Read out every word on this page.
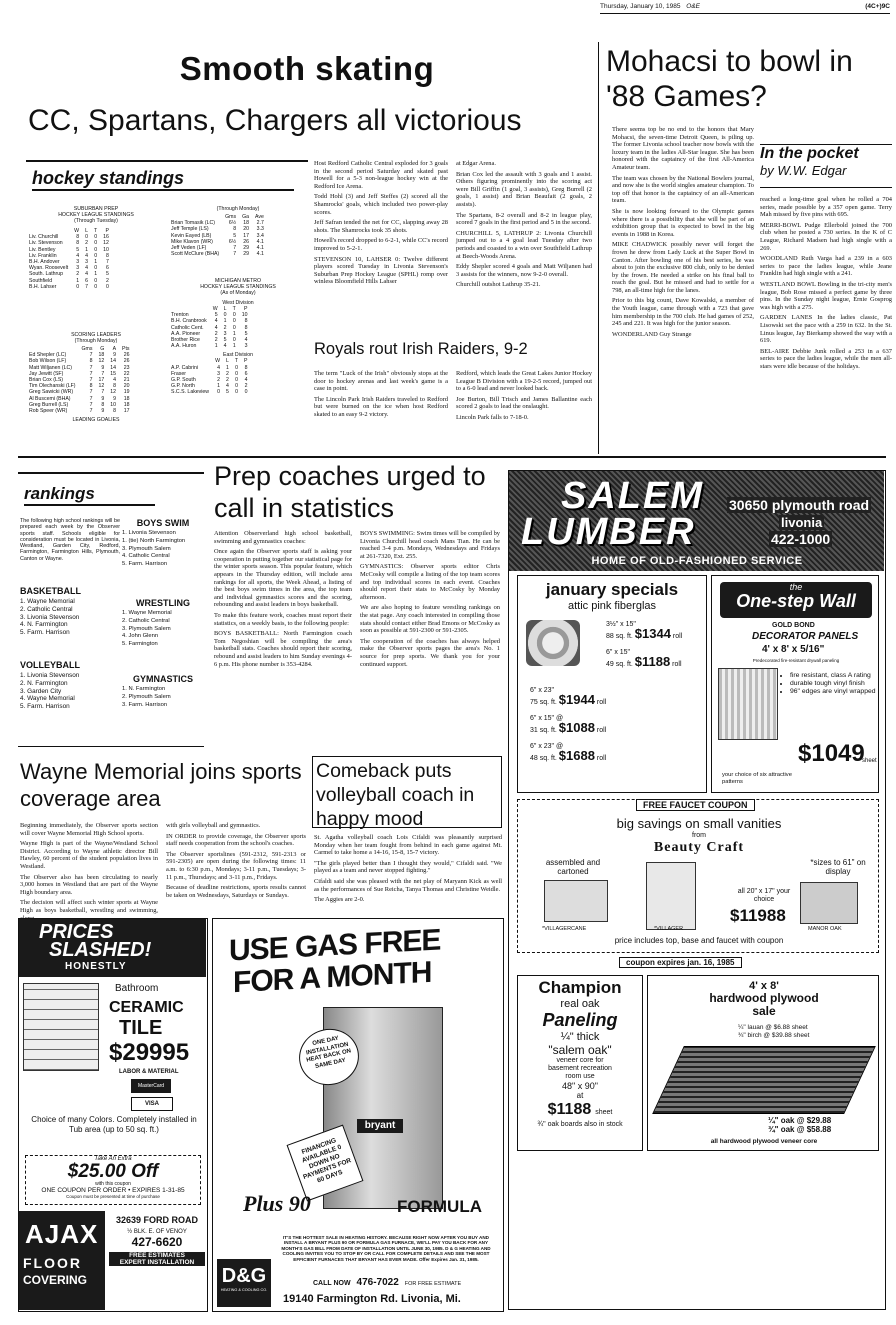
Thursday, January 10, 1985 O&E	(4C+)9C
Smooth skating
CC, Spartans, Chargers all victorious
hockey standings
SUBURBAN PREP
HOCKEY LEAGUE STANDINGS
(Through Tuesday)
	W	L	T	P
Liv. Churchill	8	0	0	16
Liv. Stevenson	8	2	0	12
Liv. Bentley	5	1	0	10
Liv. Franklin	4	4	0	8
B.H. Andover	3	3	1	7
Wyan. Roosevelt	3	4	0	6
South. Lathrup	2	4	1	5
Southfield	1	6	0	2
B.H. Lahser	0	7	0	0
SCORING LEADERS
(Through Monday)
	Gms	G	A	Pts
Ed Shepler (LC)	7	18	9	26
Bob Wilson (LF)	8	12	14	26
Matt Wiljanen (LC)	7	9	14	23
Jay Jewitt (SF)	7	7	15	22
Brian Cox (LS)	7	17	4	21
Tim Olechanski (LF)	8	12	8	20
Greg Sawicki (WR)	7	7	12	19
Al Buscemi (BHA)	7	9	9	18
Greg Burrell (LS)	7	8	10	18
Rob Speer (WR)	7	9	8	17
LEADING GOALIES
(Through Monday)
	Gms	Ga	Ave
Brian Tomasik (LC)	6½	18	2.7
Jeff Temple (LS)	8	20	3.3
Kevin Eayed (LB)	5	17	3.4
Mike Klavon (WR)	6½	26	4.1
Jeff Veden (LF)	7	29	4.1
Scott McClure (BHA)	7	29	4.1
MICHIGAN METRO
HOCKEY LEAGUE STANDINGS
(As of Monday)
West Division
	W	L	T	P
Trenton	5	0	0	10
B.H. Cranbrook	4	1	0	8
Catholic Cent.	4	2	0	8
A.A. Pioneer	2	3	1	5
Brother Rice	2	5	0	4
A.A. Huron	1	4	1	3
East Division
	W	L	T	P
A.P. Cabrini	4	1	0	8
Fraser	3	2	0	6
G.P. South	2	2	0	4
G.P. North	1	4	0	2
S.C.S. Lakeview	0	5	0	0

Host Redford Catholic Central exploded for 3 goals in the second period Saturday and skated past Howell for a 5-3 non-league hockey win at the Redford Ice Arena.

Todd Hohl (3) and Jeff Steffes (2) scored all the Shamrocks' goals, which included two power-play scores.

Jeff Safran tended the net for CC, slapping away 28 shots. The Shamrocks took 35 shots.

Howell's record dropped to 6-2-1, while CC's record improved to 5-2-1.

STEVENSON 10, LAHSER 0: Twelve different players scored Tuesday in Livonia Stevenson's Suburban Prep Hockey League (SPHL) romp over winless Bloomfield Hills Lahser

at Edgar Arena.

Brian Cox led the assault with 3 goals and 1 assist. Others figuring prominently into the scoring act were Bill Griffin (1 goal, 3 assists), Greg Burrell (2 goals, 1 assist) and Brian Beaufait (2 goals, 2 assists).

The Spartans, 8-2 overall and 8-2 in league play, scored 7 goals in the first period and 5 in the second.

CHURCHILL 5, LATHRUP 2: Livonia Churchill jumped out to a 4 goal lead Tuesday after two periods and coasted to a win over Southfield Lathrup at Beech-Woods Arena.

Eddy Shepler scored 4 goals and Matt Wiljanen had 3 assists for the winners, now 9-2-0 overall.

Churchill outshot Lathrup 35-21.

Royals rout Irish Raiders, 9-2

The term "Luck of the Irish" obviously stops at the door to hockey arenas and last week's game is a case in point.

The Lincoln Park Irish Raiders traveled to Redford but were burned on the ice when host Redford skated to an easy 9-2 victory.

Redford, which leads the Great Lakes Junior Hockey League B Division with a 19-2-5 record, jumped out to a 6-0 lead and never looked back.

Joe Burton, Bill Trisch and James Ballantine each scored 2 goals to lead the onslaught.

Lincoln Park falls to 7-18-0.

Mohacsi to bowl in '88 Games?

There seems top be no end to the honors that Mary Mohacsi, the seven-time Detroit Queen, is piling up. The former Livonia school teacher now bowls with the luxury team in the ladies All-Star league. She has been honored with the captaincy of the first All-America Amateur team.

The team was chosen by the National Bowlers journal, and now she is the world singles amateur champion. To top off that honor is the captaincy of an all-American team.

She is now looking forward to the Olympic games where there is a possibility that she will be part of an exhibition group that is expected to bowl in the big events in 1988 in Korea.

MIKE CHADWICK possibly never will forget the frown he drew from Lady Luck at the Super Bowl in Canton. After bowling one of his best series, he was about to join the exclusive 800 club, only to be denied by the frown. He needed a strike on his final ball to reach the goal. But he missed and had to settle for a 798, an all-time high for the lanes.

Prior to this big count, Dave Kowalski, a member of the Youth league, came through with a 723 that gave him membership in the 700 club. He had games of 252, 245 and 221. It was high for the junior season.

WONDERLAND Guy Strange

In the pocket
by W.W. Edgar

reached a long-time goal when he rolled a 704 series, made possible by a 357 open game. Terry Mah missed by five pins with 695.

MERRI-BOWL Pudge Ellerbold joined the 700 club when he posted a 730 series. In the K of C League, Richard Madsen had high single with a 269.

WOODLAND Ruth Varga had a 239 in a 603 series to pace the ladies league, while Jeane Franklin had high single with a 241.

WESTLAND BOWL Bowling in the tri-city men's league, Bob Rose missed a perfect game by three pins. In the Sunday night league, Ernie Gosprog was high with a 275.

GARDEN LANES In the ladies classic, Pat Lisowski set the pace with a 259 in 632. In the St. Linus league, Jay Bierkamp showed the way with a 619.

BEL-AIRE Debbie Junk rolled a 253 in a 637 series to pace the ladies league, while the men all-stars were idle because of the holidays.

rankings
The following high school rankings will be prepared each week by the Observer sports staff. Schools eligible for consideration must be located in Livonia, Westland, Garden City, Redford, Farmington, Farmington Hills, Plymouth, Canton or Wayne.
BASKETBALL
1. Wayne Memorial
2. Catholic Central
3. Livonia Stevenson
4. N. Farmington
5. Farm. Harrison
VOLLEYBALL
1. Livonia Stevenson
2. N. Farmington
3. Garden City
4. Wayne Memorial
5. Farm. Harrison
BOYS SWIM
1. Livonia Stevenson
1. (tie) North Farmington
3. Plymouth Salem
4. Catholic Central
5. Farm. Harrison
WRESTLING
1. Wayne Memorial
2. Catholic Central
3. Plymouth Salem
4. John Glenn
5. Farmington
GYMNASTICS
1. N. Farmington
2. Plymouth Salem
3. Farm. Harrison
Prep coaches urged to call in statistics

Attention Observerland high school basketball, swimming and gymnastics coaches:

Once again the Observer sports staff is asking your cooperation in putting together our statistical page for the winter sports season. This popular feature, which appears in the Thursday edition, will include area rankings for all sports, the Week Ahead, a listing of the best boys swim times in the area, the top team and individual gymnastics scores and the scoring, rebounding and assist leaders in boys basketball.

To make this feature work, coaches must report their statistics, on a weekly basis, to the following people:

BOYS BASKETBALL: North Farmington coach Tom Negoshian will be compiling the area's basketball stats. Coaches should report their scoring, rebound and assist leaders to him Sunday evenings 4-6 p.m. His phone number is 353-4284.

BOYS SWIMMING: Swim times will be compiled by Livonia Churchill head coach Mans Tian. He can be reached 3-4 p.m. Mondays, Wednesdays and Fridays at 261-7320, Ext. 255.

GYMNASTICS: Observer sports editor Chris McCosky will compile a listing of the top team scores and top individual scores in each event. Coaches should report their stats to McCosky by Monday afternoon.

We are also hoping to feature wrestling rankings on the stat page. Any coach interested in compiling those stats should contact either Brad Emons or McCosky as soon as possible at 591-2300 or 591-2305.

The cooperation of the coaches has always helped make the Observer sports pages the area's No. 1 source for prep sports. We thank you for your continued support.

Wayne Memorial joins sports coverage area

Beginning immediately, the Observer sports section will cover Wayne Memorial High School sports.

Wayne High is part of the Wayne/Westland School District. According to Wayne athletic director Bill Hawley, 60 percent of the student population lives in Westland.

The Observer also has been circulating to nearly 3,000 homes in Westland that are part of the Wayne High boundary area.

The decision will affect such winter sports at Wayne High as boys basketball, wrestling and swimming,

with girls volleyball and gymnastics.

IN ORDER to provide coverage, the Observer sports staff needs cooperation from the school's coaches.

The Observer sportslines (591-2312, 591-2313 or 591-2305) are open during the following times: 11 a.m. to 6:30 p.m., Mondays; 3-11 p.m., Tuesdays; 3-11 p.m., Thursdays; and 3-11 p.m., Fridays.

Because of deadline restrictions, sports results cannot be taken on Wednesdays, Saturdays or Sundays.

Comeback puts volleyball coach in happy mood

St. Agatha volleyball coach Lois Cifaldi was pleasantly surprised Monday when her team fought from behind in each game against Mt. Carmel to take home a 14-16, 15-8, 15-7 victory.

"The girls played better than I thought they would," Cifaldi said. "We played as a team and never stopped fighting."

Cifaldi said she was pleased with the net play of Maryann Kick as well as the performances of Sue Reicha, Tanya Thomas and Christine Weidle.

The Aggies are 2-0.

SALEM
LUMBER
30650 plymouth road
livonia
422-1000
HOME OF OLD-FASHIONED SERVICE
january specials
attic pink fiberglas
3½" x 15"
88 sq. ft. $1344 roll
6" x 15"
49 sq. ft. $1188 roll
6" x 23"
75 sq. ft. $1944 roll
6" x 15" @
31 sq. ft. $1088 roll
6" x 23" @
48 sq. ft. $1688 roll
the
One-step Wall
GOLD BOND
DECORATOR PANELS
4' x 8' x 5/16"
Predecorated fire-resistant drywall paneling
• fire resistant, class A rating
• durable tough vinyl finish
• 96" edges are vinyl wrapped
$1049
sheet
your choice of six attractive patterns
FREE FAUCET COUPON
big savings on small vanities
from
Beauty Craft
assembled and cartoned
*sizes to 61" on display
all 20" x 17" your choice
$11988
*VILLAGERCANE	*VILLAGER	MANOR OAK
price includes top, base and faucet with coupon
coupon expires jan. 16, 1985
Champion
real oak
Paneling
¼" thick
"salem oak"
veneer core for basement recreation room use
48" x 90"
at
$1188 sheet
¾" oak boards also in stock
4' x 8'
hardwood plywood sale
¼" lauan @ $6.88 sheet
¾" birch @ $39.88 sheet
¼" oak @ $29.88
¾" oak @ $58.88
all hardwood plywood veneer core
PRICES
SLASHED!
HONESTLY
Bathroom
CERAMIC
TILE
$29995
LABOR & MATERIAL
MasterCard
VISA
Choice of many Colors. Completely installed in Tub area (up to 50 sq. ft.)
Take An Extra
$25.00 Off
with this coupon
ONE COUPON PER ORDER • EXPIRES 1-31-85
Coupon must be presented at time of purchase
AJAX
FLOOR
COVERING
32639 FORD ROAD
½ BLK. E. OF VENOY
427-6620
FREE ESTIMATES
EXPERT INSTALLATION
USE GAS FREE
FOR A MONTH
ONE DAY INSTALLATION HEAT BACK ON SAME DAY
bryant
FINANCING AVAILABLE 0 DOWN NO PAYMENTS FOR 60 DAYS
Plus 90	FORMULA
IT'S THE HOTTEST SALE IN HEATING HISTORY. BECAUSE RIGHT NOW AFTER YOU BUY AND INSTALL A BRYANT PLUS 90 OR FORMULA GAS FURNACE, WE'LL PAY YOU BACK FOR ANY MONTH'S GAS BILL FROM DATE OF INSTALLATION UNTIL JUNE 30, 1985. D & G HEATING AND COOLING INVITES YOU TO STOP BY OR CALL FOR COMPLETE DETAILS AND SEE THE MOST EFFICIENT FURNACES THAT BRYANT HAS EVER MADE. Offer Expires Jan. 31, 1985.
CALL NOW 476-7022 FOR FREE ESTIMATE
D&G
HEATING & COOLING CO.
19140 Farmington Rd. Livonia, Mi.
